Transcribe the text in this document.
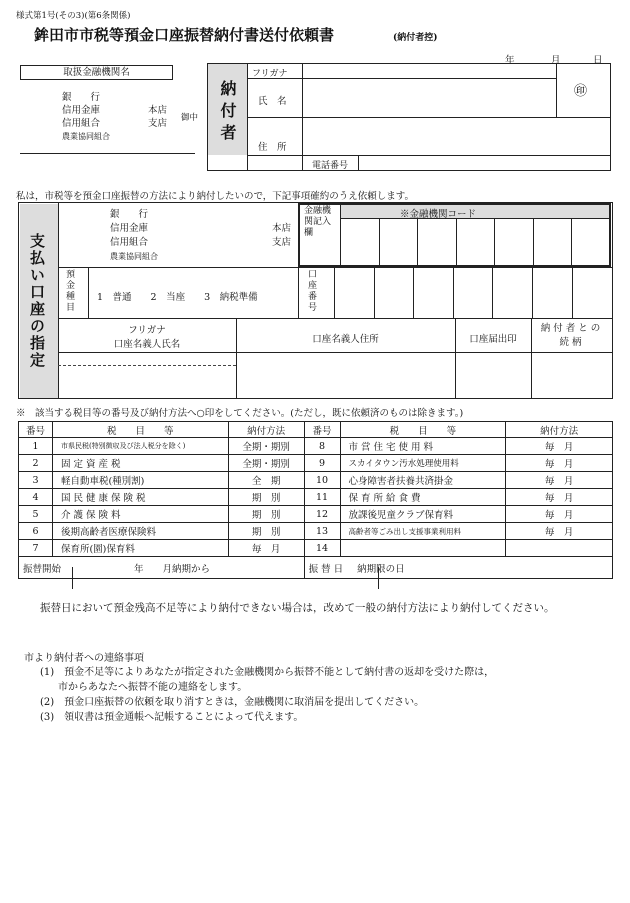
様式第1号(その3)(第6条関係)
鉾田市市税等預金口座振替納付書送付依頼書	(納付者控)
年	月	日
取扱金融機関名
銀　　行
信用金庫
信用組合
農業協同組合
本店
支店 御中 納付者
フリガナ
氏　名
住　所
電話番号
㊞
私は，市税等を預金口座振替の方法により納付したいので，下記事項確約のうえ依頼します。
支払い口座の指定
銀　　行
信用金庫
信用組合
農業協同組合
本店
支店
※金融機関コード
金融機関記入欄
預金種目
1　普通　　2　当座　　3　納税準備
口座番号
フリガナ
口座名義人氏名	口座名義人住所	口座届出印
納付者との続柄
※　該当する税目等の番号及び納付方法へ○印をしてください。(ただし，既に依頼済のものは除きます。)
番号	税　　目　　等	納付方法	番号	税　　目　　等	納付方法
1	市県民税(特別徴収及び法人税分を除く)	全期・期別	8	市営住宅使用料	毎　月
2	固定資産税	全期・期別	9	スカイタウン汚水処理使用料	毎　月
3	軽自動車税(種別割)	全　期	10	心身障害者扶養共済掛金	毎　月
4	国民健康保険税	期　別	11	保育所給食費	毎　月
5	介護保険料	期　別	12	放課後児童クラブ保育料	毎　月
6	後期高齢者医療保険料	期　別	13	高齢者等ごみ出し支援事業利用料	毎　月
7	保育所(園)保育料	毎　月	14		
振替開始 年　　月納期から			振替日 納期限の日		
振替日において預金残高不足等により納付できない場合は，改めて一般の納付方法により納付してください。
市より納付者への連絡事項
(1)　預金不足等によりあなたが指定された金融機関から振替不能として納付書の返却を受けた際は，
市からあなたへ振替不能の連絡をします。
(2)　預金口座振替の依頼を取り消すときは，金融機関に取消届を提出してください。
(3)　領収書は預金通帳へ記帳することによって代えます。
